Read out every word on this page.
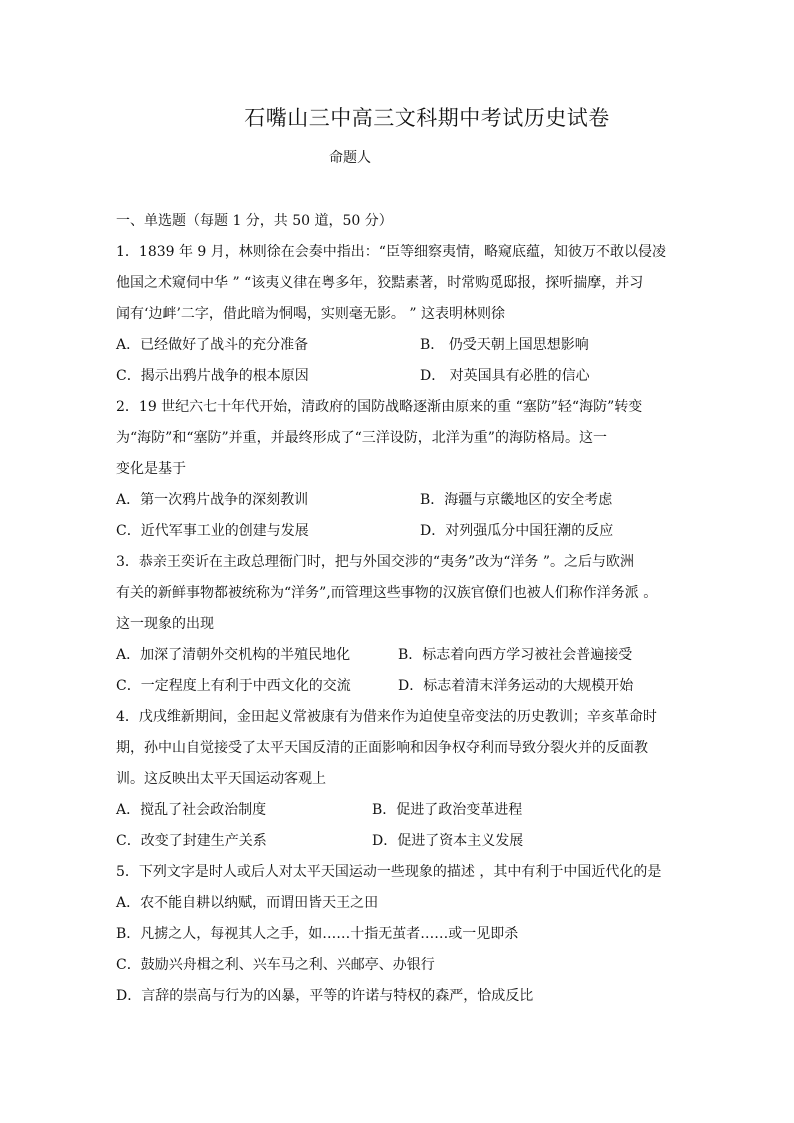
石嘴山三中高三文科期中考试历史试卷
命题人
一、单选题（每题 1 分，共 50 道，50 分）
1．1839 年 9 月，林则徐在会奏中指出：“臣等细察夷情，略窥底蕴，知彼万不敢以侵凌
他国之术窥伺中华 ” “该夷义律在粤多年，狡黠素著，时常购觅邸报，探听揣摩，并习
闻有‘边衅’二字，借此暗为恫喝，实则毫无影。 ” 这表明林则徐
A．已经做好了战斗的充分准备	B． 仍受天朝上国思想影响
C．揭示出鸦片战争的根本原因	D． 对英国具有必胜的信心
2．19 世纪六七十年代开始，清政府的国防战略逐渐由原来的重 “塞防”轻“海防”转变
为“海防”和“塞防”并重，并最终形成了“三洋设防，北洋为重”的海防格局。这一
变化是基于
A．第一次鸦片战争的深刻教训	B．海疆与京畿地区的安全考虑
C．近代军事工业的创建与发展	D．对列强瓜分中国狂潮的反应
3．恭亲王奕䜣在主政总理衙门时，把与外国交涉的“夷务”改为“洋务 ”。之后与欧洲
有关的新鲜事物都被统称为“洋务”,而管理这些事物的汉族官僚们也被人们称作洋务派 。
这一现象的出现
A．加深了清朝外交机构的半殖民地化	B．标志着向西方学习被社会普遍接受
C．一定程度上有利于中西文化的交流	D．标志着清末洋务运动的大规模开始
4．戊戌维新期间，金田起义常被康有为借来作为迫使皇帝变法的历史教训；辛亥革命时
期，孙中山自觉接受了太平天国反清的正面影响和因争权夺利而导致分裂火并的反面教
训。这反映出太平天国运动客观上
A．搅乱了社会政治制度	B．促进了政治变革进程
C．改变了封建生产关系	D．促进了资本主义发展
5．下列文字是时人或后人对太平天国运动一些现象的描述 ，其中有利于中国近代化的是
A．农不能自耕以纳赋，而谓田皆天王之田
B．凡掳之人，每视其人之手，如……十指无茧者……或一见即杀
C．鼓励兴舟楫之利、兴车马之利、兴邮亭、办银行
D．言辞的崇高与行为的凶暴，平等的许诺与特权的森严，恰成反比
